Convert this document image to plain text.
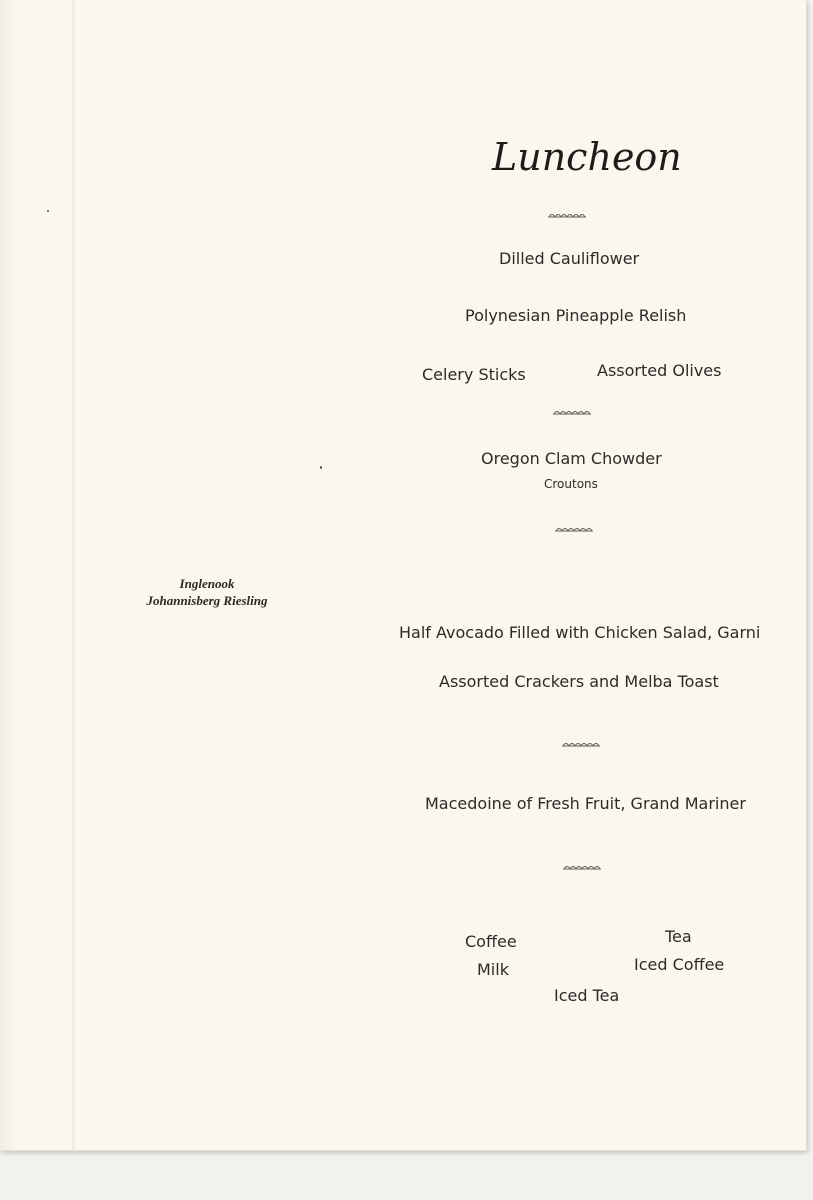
Luncheon
Dilled Cauliflower
Polynesian Pineapple Relish
Celery Sticks	Assorted Olives
Oregon Clam Chowder
Croutons
Inglenook
Johannisberg Riesling
Half Avocado Filled with Chicken Salad, Garni
Assorted Crackers and Melba Toast
Macedoine of Fresh Fruit, Grand Mariner
Coffee
Milk
Tea
Iced Coffee
Iced Tea
